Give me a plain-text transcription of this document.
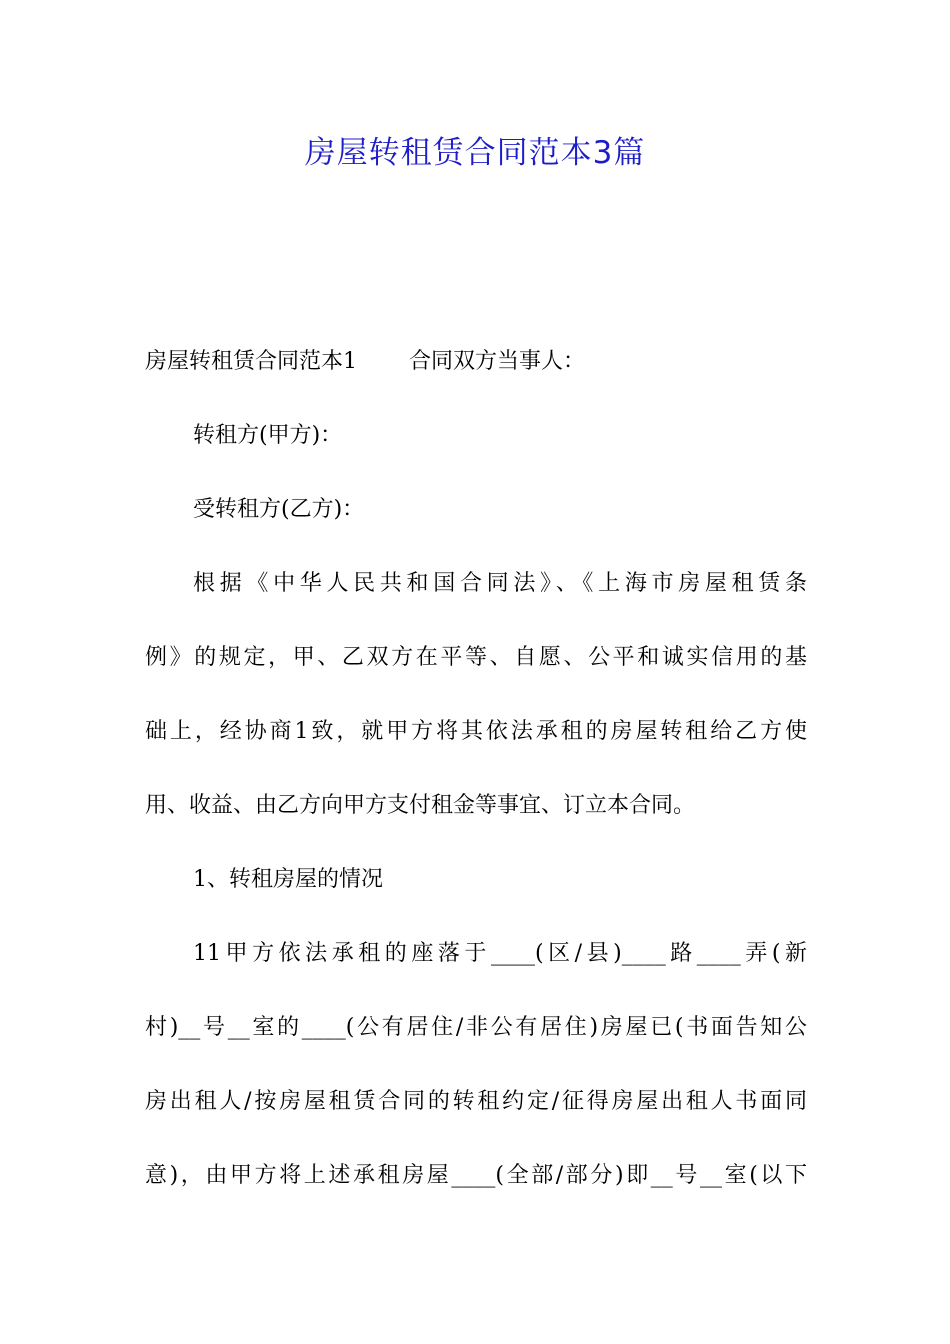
房屋转租赁合同范本3篇
房屋转租赁合同范本1 合同双方当事人：
转租方(甲方)：
受转租方(乙方)：
根据《中华人民共和国合同法》、《上海市房屋租赁条
例》的规定，甲、乙双方在平等、自愿、公平和诚实信用的基
础上，经协商1致，就甲方将其依法承租的房屋转租给乙方使
用、收益、由乙方向甲方支付租金等事宜、订立本合同。
1、转租房屋的情况
11甲方依法承租的座落于____(区/县)____路____弄(新
村)__号__室的____(公有居住/非公有居住)房屋已(书面告知公
房出租人/按房屋租赁合同的转租约定/征得房屋出租人书面同
意)，由甲方将上述承租房屋____(全部/部分)即__号__室(以下
